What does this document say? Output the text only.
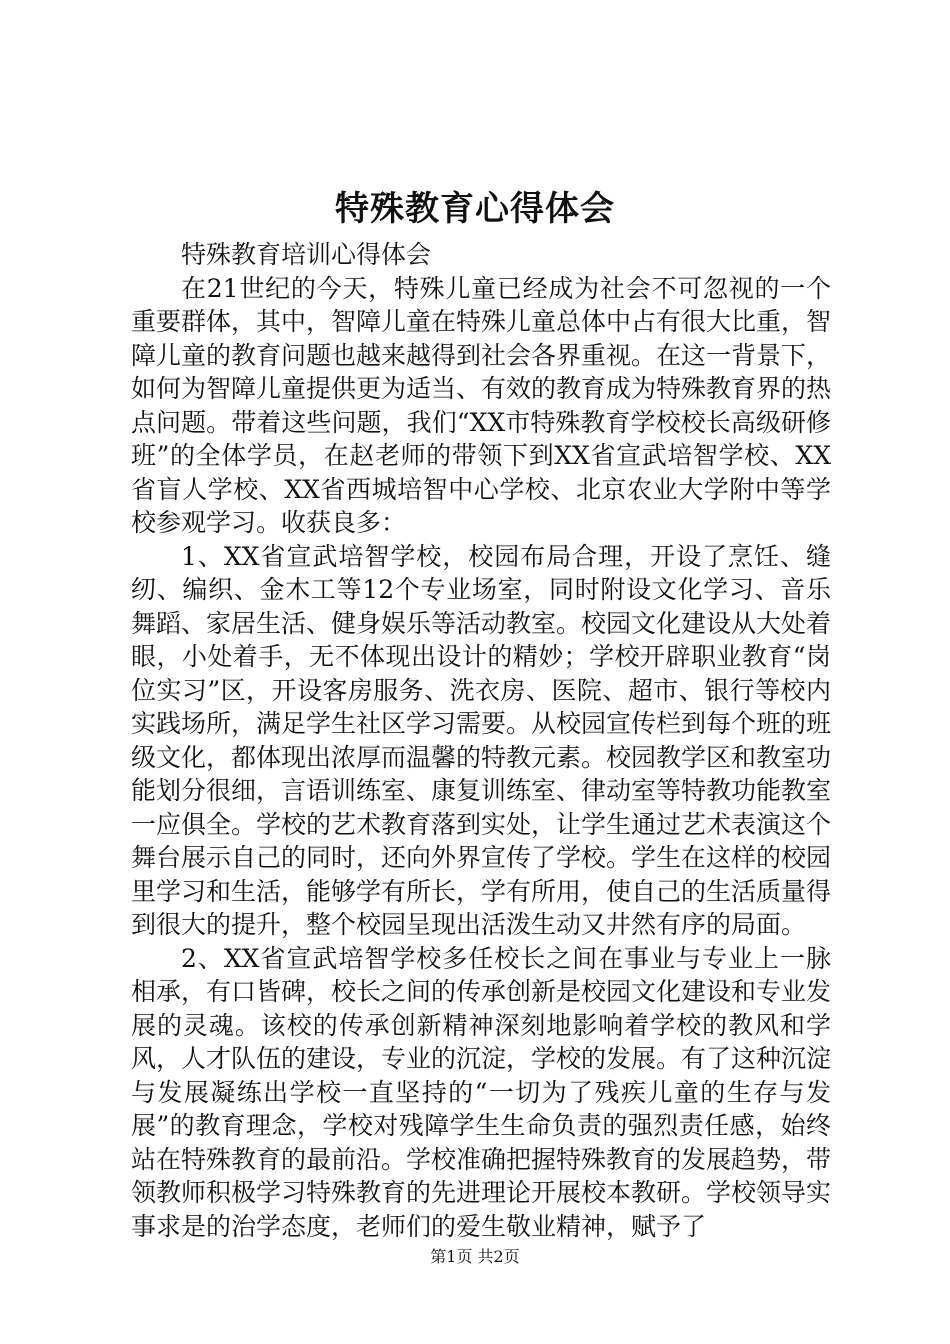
特殊教育心得体会

特殊教育培训心得体会

在21世纪的今天，特殊儿童已经成为社会不可忽视的一个重要群体，其中，智障儿童在特殊儿童总体中占有很大比重，智障儿童的教育问题也越来越得到社会各界重视。在这一背景下，如何为智障儿童提供更为适当、有效的教育成为特殊教育界的热点问题。带着这些问题，我们“XX市特殊教育学校校长高级研修班”的全体学员，在赵老师的带领下到XX省宣武培智学校、XX省盲人学校、XX省西城培智中心学校、北京农业大学附中等学校参观学习。收获良多：

1、XX省宣武培智学校，校园布局合理，开设了烹饪、缝纫、编织、金木工等12个专业场室，同时附设文化学习、音乐舞蹈、家居生活、健身娱乐等活动教室。校园文化建设从大处着眼，小处着手，无不体现出设计的精妙；学校开辟职业教育“岗位实习”区，开设客房服务、洗衣房、医院、超市、银行等校内实践场所，满足学生社区学习需要。从校园宣传栏到每个班的班级文化，都体现出浓厚而温馨的特教元素。校园教学区和教室功能划分很细，言语训练室、康复训练室、律动室等特教功能教室一应俱全。学校的艺术教育落到实处，让学生通过艺术表演这个舞台展示自己的同时，还向外界宣传了学校。学生在这样的校园里学习和生活，能够学有所长，学有所用，使自己的生活质量得到很大的提升，整个校园呈现出活泼生动又井然有序的局面。

2、XX省宣武培智学校多任校长之间在事业与专业上一脉相承，有口皆碑，校长之间的传承创新是校园文化建设和专业发展的灵魂。该校的传承创新精神深刻地影响着学校的教风和学风，人才队伍的建设，专业的沉淀，学校的发展。有了这种沉淀与发展凝练出学校一直坚持的“一切为了残疾儿童的生存与发展”的教育理念，学校对残障学生生命负责的强烈责任感，始终站在特殊教育的最前沿。学校准确把握特殊教育的发展趋势，带领教师积极学习特殊教育的先进理论开展校本教研。学校领导实事求是的治学态度，老师们的爱生敬业精神，赋予了

第1页 共2页
